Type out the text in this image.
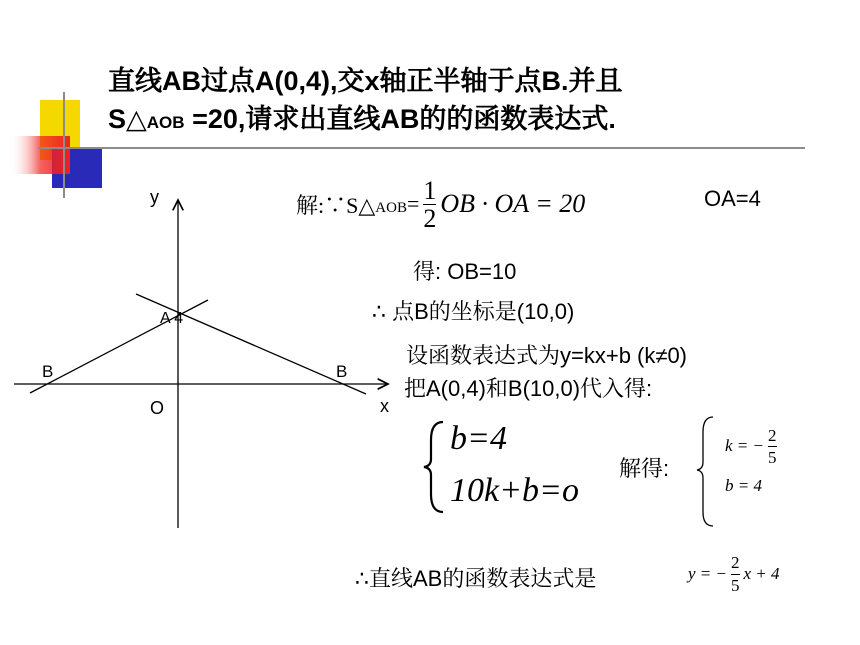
直线AB过点A(0,4),交x轴正半轴于点B.并且
S△AOB =20,请求出直线AB的的函数表达式.
y
x
O
A 4
B	B
解:∵S△ AOB = $\frac{1}{2}$ OB · OA = 20	OA=4
得: OB=10
∴ 点B的坐标是(10,0)
设函数表达式为y=kx+b (k≠0)
把A(0,4)和B(10,0)代入得:
b=4
10k+b=o
解得:
k = − $\frac{2}{5}$
b = 4
∴直线AB的函数表达式是	y = − $\frac{2}{5}$ x + 4
